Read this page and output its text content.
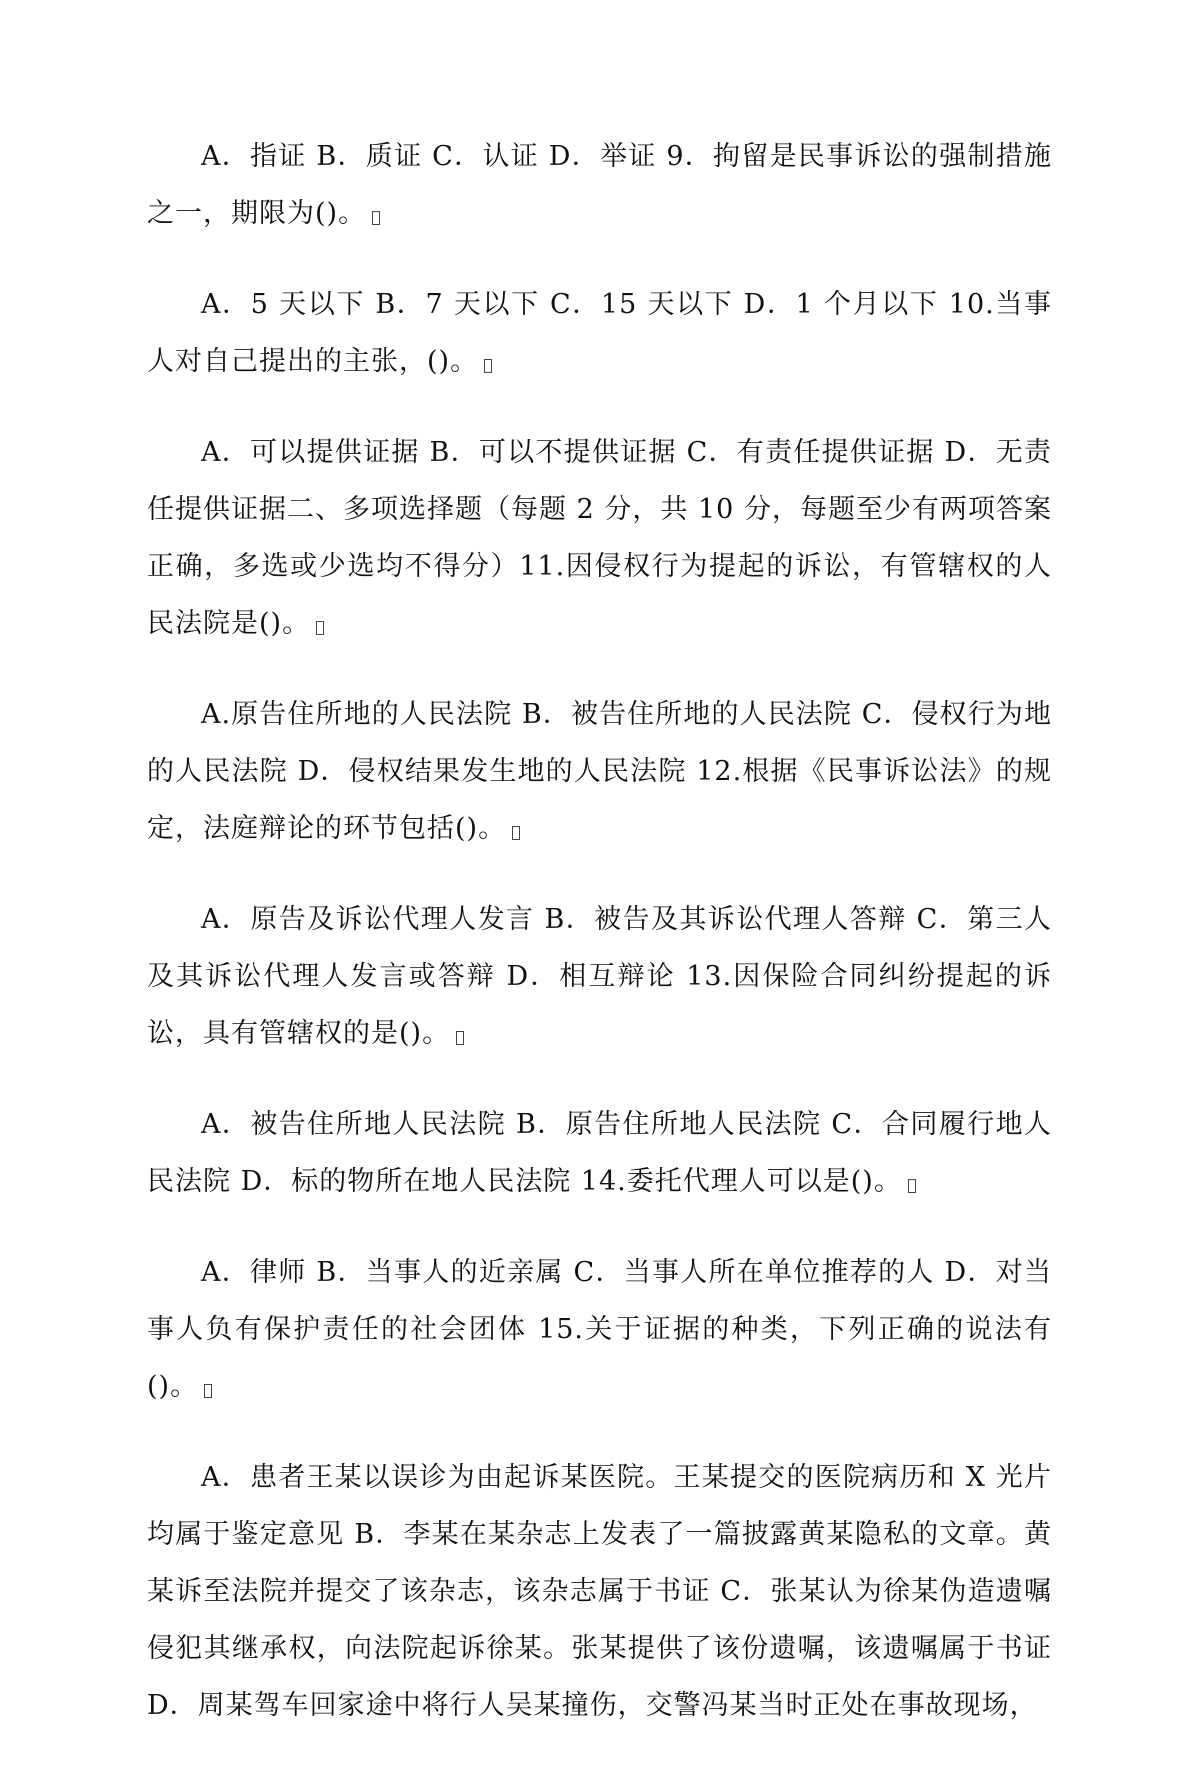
A．指证 B．质证 C．认证 D．举证 9．拘留是民事诉讼的强制措施之一，期限为()。

A．5 天以下 B．7 天以下 C．15 天以下 D．1 个月以下 10.当事人对自己提出的主张，()。

A．可以提供证据 B．可以不提供证据 C．有责任提供证据 D．无责任提供证据二、多项选择题（每题 2 分，共 10 分，每题至少有两项答案正确，多选或少选均不得分）11.因侵权行为提起的诉讼，有管辖权的人民法院是()。

A.原告住所地的人民法院 B．被告住所地的人民法院 C．侵权行为地的人民法院 D．侵权结果发生地的人民法院 12.根据《民事诉讼法》的规定，法庭辩论的环节包括()。

A．原告及诉讼代理人发言 B．被告及其诉讼代理人答辩 C．第三人及其诉讼代理人发言或答辩 D．相互辩论 13.因保险合同纠纷提起的诉讼，具有管辖权的是()。

A．被告住所地人民法院 B．原告住所地人民法院 C．合同履行地人民法院 D．标的物所在地人民法院 14.委托代理人可以是()。

A．律师 B．当事人的近亲属 C．当事人所在单位推荐的人 D．对当事人负有保护责任的社会团体 15.关于证据的种类，下列正确的说法有()。

A．患者王某以误诊为由起诉某医院。王某提交的医院病历和 X 光片均属于鉴定意见 B．李某在某杂志上发表了一篇披露黄某隐私的文章。黄某诉至法院并提交了该杂志，该杂志属于书证 C．张某认为徐某伪造遗嘱侵犯其继承权，向法院起诉徐某。张某提供了该份遗嘱，该遗嘱属于书证 D．周某驾车回家途中将行人吴某撞伤，交警冯某当时正处在事故现场，
